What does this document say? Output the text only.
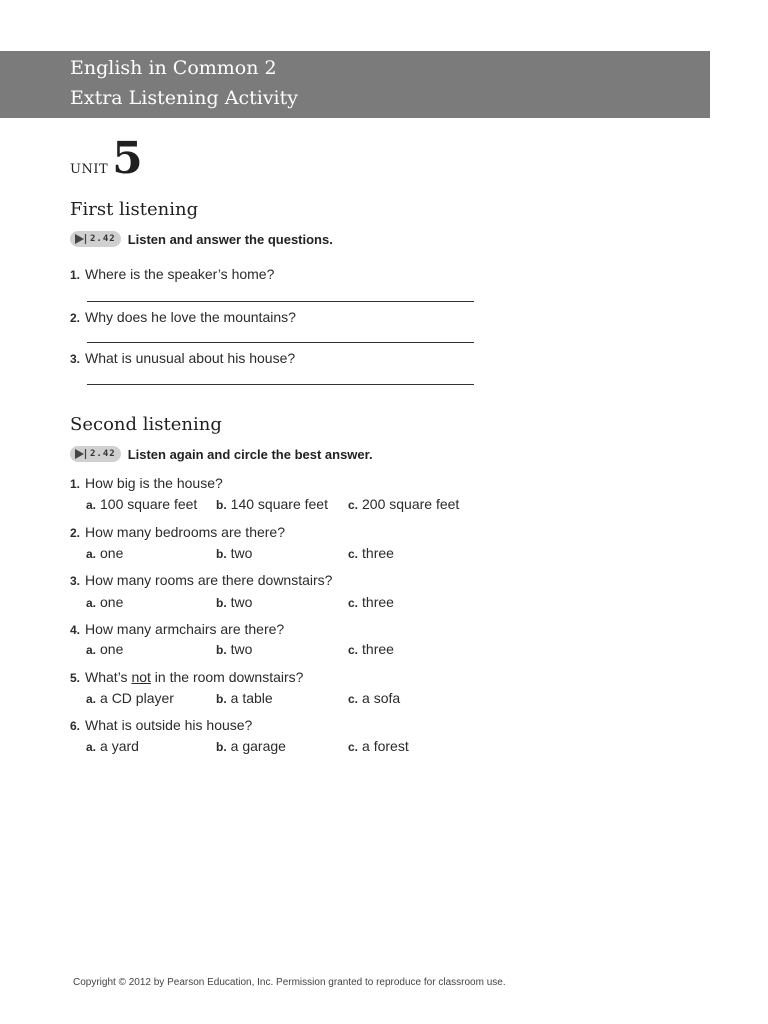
English in Common 2
Extra Listening Activity
unit5
First listening
2.42 Listen and answer the questions.
1. Where is the speaker’s home?
2. Why does he love the mountains?
3. What is unusual about his house?
Second listening
2.42 Listen again and circle the best answer.
1. How big is the house?
a. 100 square feet b. 140 square feet c. 200 square feet
2. How many bedrooms are there?
a. one	b. two	c. three
3. How many rooms are there downstairs?
a. one	b. two	c. three
4. How many armchairs are there?
a. one	b. two	c. three
5. What’s not in the room downstairs?
a. a CD player	b. a table	c. a sofa
6. What is outside his house?
a. a yard	b. a garage	c. a forest
Copyright © 2012 by Pearson Education, Inc. Permission granted to reproduce for classroom use.
